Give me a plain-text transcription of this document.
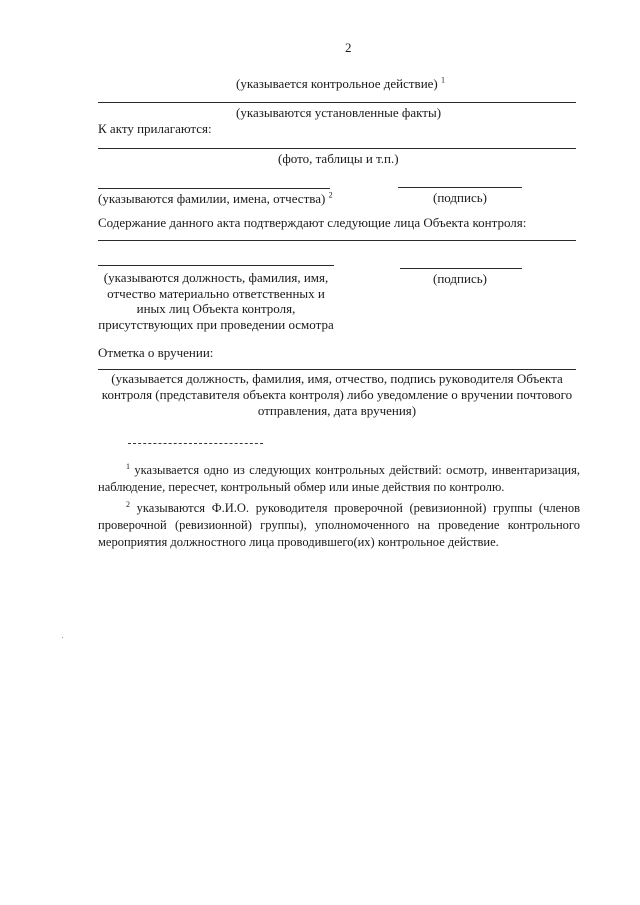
2
(указывается контрольное действие) $^1$
(указываются установленные факты)
К акту прилагаются:
(фото, таблицы и т.п.)
(указываются фамилии, имена, отчества) $^2$	(подпись)
Содержание данного акта подтверждают следующие лица Объекта контроля:
(указываются должность, фамилия, имя,
отчество материально ответственных и
иных лиц Объекта контроля,
присутствующих при проведении осмотра
(подпись)
Отметка о вручении:
(указывается должность, фамилия, имя, отчество, подпись руководителя Объекта
контроля (представителя объекта контроля) либо уведомление о вручении почтового
отправления, дата вручения)
$^1$ указывается одно из следующих контрольных действий: осмотр, инвентаризация, наблюдение, пересчет, контрольный обмер или иные действия по контролю.
$^2$ указываются Ф.И.О. руководителя проверочной (ревизионной) группы (членов проверочной (ревизионной) группы), уполномоченного на проведение контрольного мероприятия должностного лица проводившего(их) контрольное действие.
